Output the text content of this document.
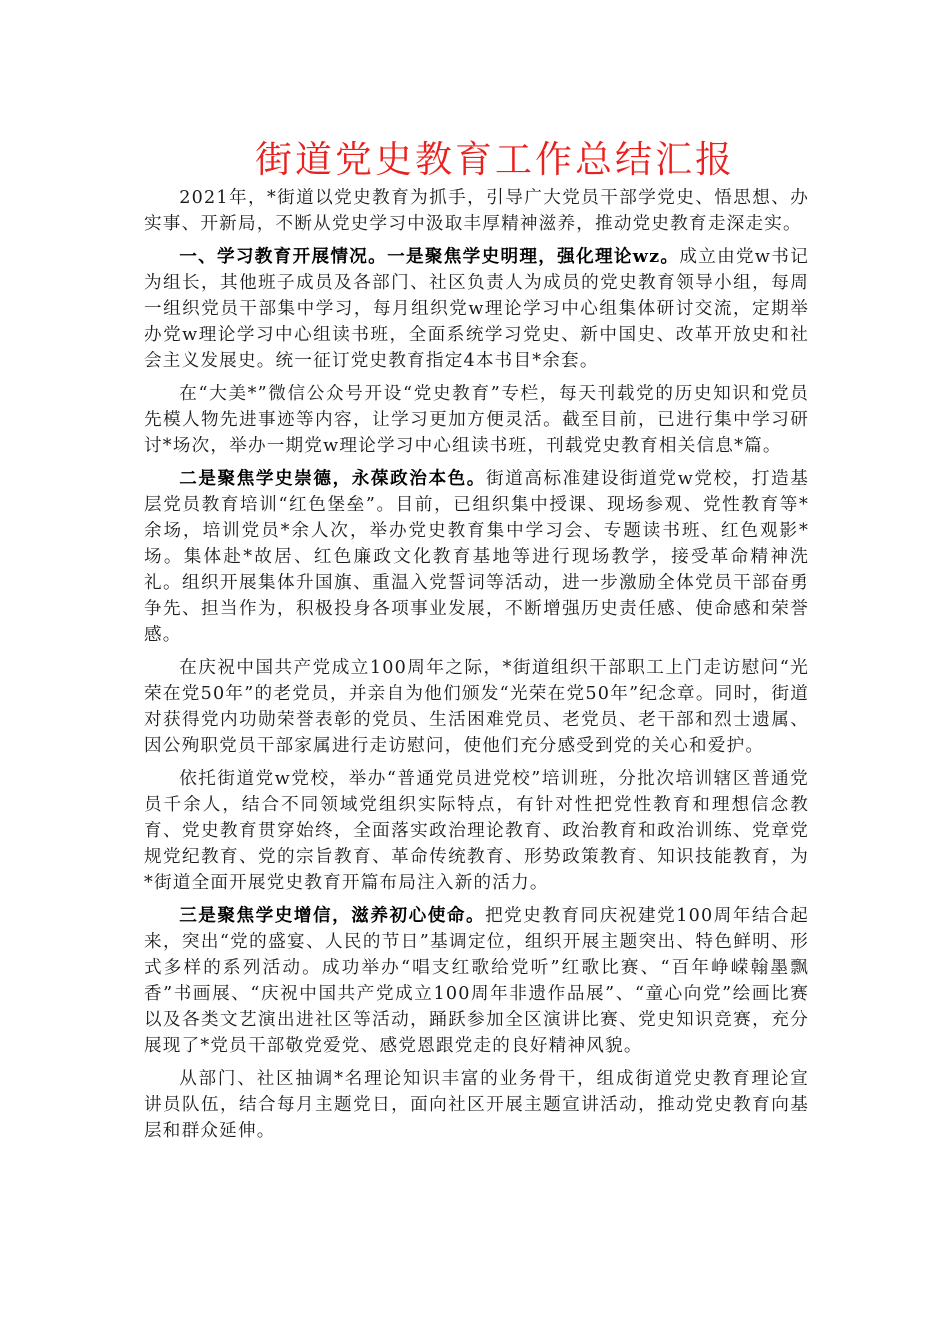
街道党史教育工作总结汇报

2021年，*街道以党史教育为抓手，引导广大党员干部学党史、悟思想、办实事、开新局，不断从党史学习中汲取丰厚精神滋养，推动党史教育走深走实。

一、学习教育开展情况。一是聚焦学史明理，强化理论wz。成立由党w书记为组长，其他班子成员及各部门、社区负责人为成员的党史教育领导小组，每周一组织党员干部集中学习，每月组织党w理论学习中心组集体研讨交流，定期举办党w理论学习中心组读书班，全面系统学习党史、新中国史、改革开放史和社会主义发展史。统一征订党史教育指定4本书目*余套。

在“大美*”微信公众号开设“党史教育”专栏，每天刊载党的历史知识和党员先模人物先进事迹等内容，让学习更加方便灵活。截至目前，已进行集中学习研讨*场次，举办一期党w理论学习中心组读书班，刊载党史教育相关信息*篇。

二是聚焦学史崇德，永葆政治本色。街道高标准建设街道党w党校，打造基层党员教育培训“红色堡垒”。目前，已组织集中授课、现场参观、党性教育等*余场，培训党员*余人次，举办党史教育集中学习会、专题读书班、红色观影*场。集体赴*故居、红色廉政文化教育基地等进行现场教学，接受革命精神洗礼。组织开展集体升国旗、重温入党誓词等活动，进一步激励全体党员干部奋勇争先、担当作为，积极投身各项事业发展，不断增强历史责任感、使命感和荣誉感。

在庆祝中国共产党成立100周年之际，*街道组织干部职工上门走访慰问“光荣在党50年”的老党员，并亲自为他们颁发“光荣在党50年”纪念章。同时，街道对获得党内功勋荣誉表彰的党员、生活困难党员、老党员、老干部和烈士遗属、因公殉职党员干部家属进行走访慰问，使他们充分感受到党的关心和爱护。

依托街道党w党校，举办“普通党员进党校”培训班，分批次培训辖区普通党员千余人，结合不同领域党组织实际特点，有针对性把党性教育和理想信念教育、党史教育贯穿始终，全面落实政治理论教育、政治教育和政治训练、党章党规党纪教育、党的宗旨教育、革命传统教育、形势政策教育、知识技能教育，为*街道全面开展党史教育开篇布局注入新的活力。

三是聚焦学史增信，滋养初心使命。把党史教育同庆祝建党100周年结合起来，突出“党的盛宴、人民的节日”基调定位，组织开展主题突出、特色鲜明、形式多样的系列活动。成功举办“唱支红歌给党听”红歌比赛、“百年峥嵘翰墨飘香”书画展、“庆祝中国共产党成立100周年非遗作品展”、“童心向党”绘画比赛以及各类文艺演出进社区等活动，踊跃参加全区演讲比赛、党史知识竞赛，充分展现了*党员干部敬党爱党、感党恩跟党走的良好精神风貌。

从部门、社区抽调*名理论知识丰富的业务骨干，组成街道党史教育理论宣讲员队伍，结合每月主题党日，面向社区开展主题宣讲活动，推动党史教育向基层和群众延伸。
